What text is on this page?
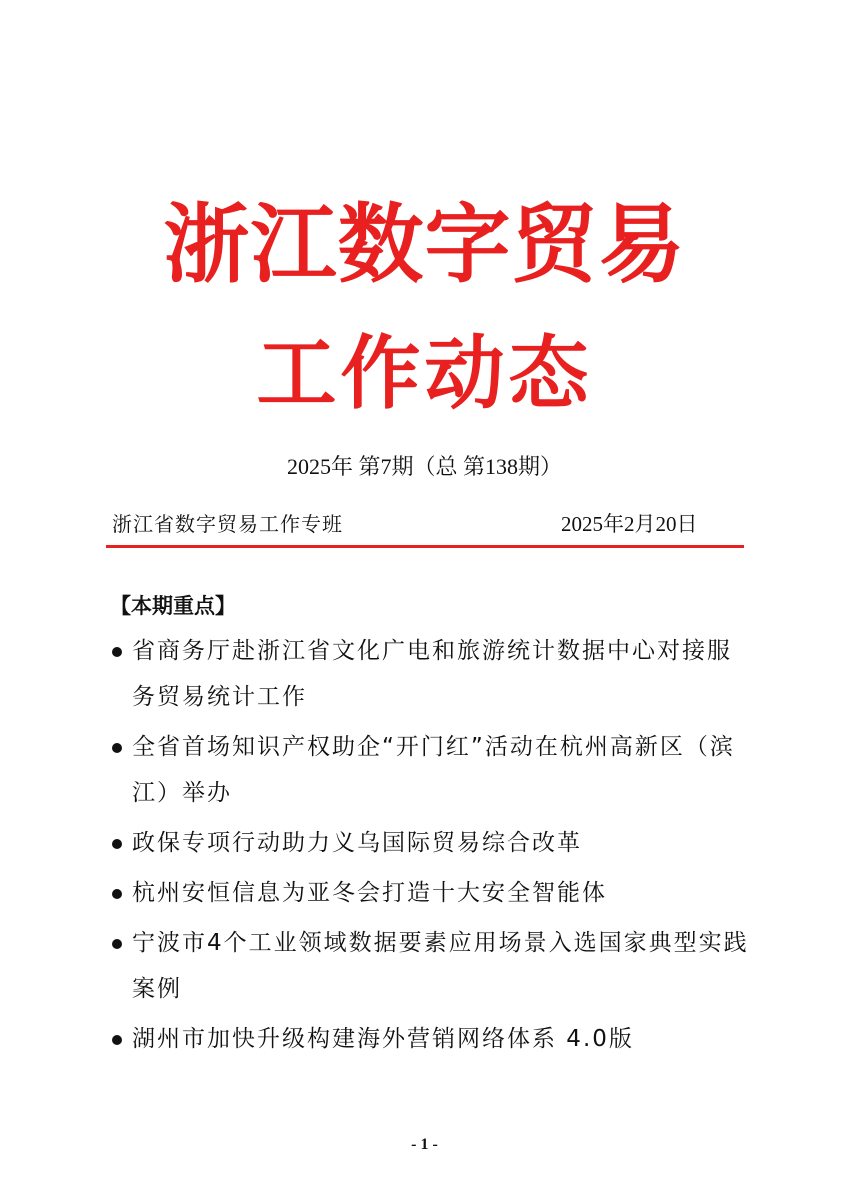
浙江数字贸易
工作动态
2025年 第7期（总 第138期）
浙江省数字贸易工作专班	2025年2月20日
【本期重点】
省商务厅赴浙江省文化广电和旅游统计数据中心对接服务贸易统计工作
全省首场知识产权助企“开门红”活动在杭州高新区（滨江）举办
政保专项行动助力义乌国际贸易综合改革
杭州安恒信息为亚冬会打造十大安全智能体
宁波市4个工业领域数据要素应用场景入选国家典型实践案例
湖州市加快升级构建海外营销网络体系 4.0版
- 1 -
